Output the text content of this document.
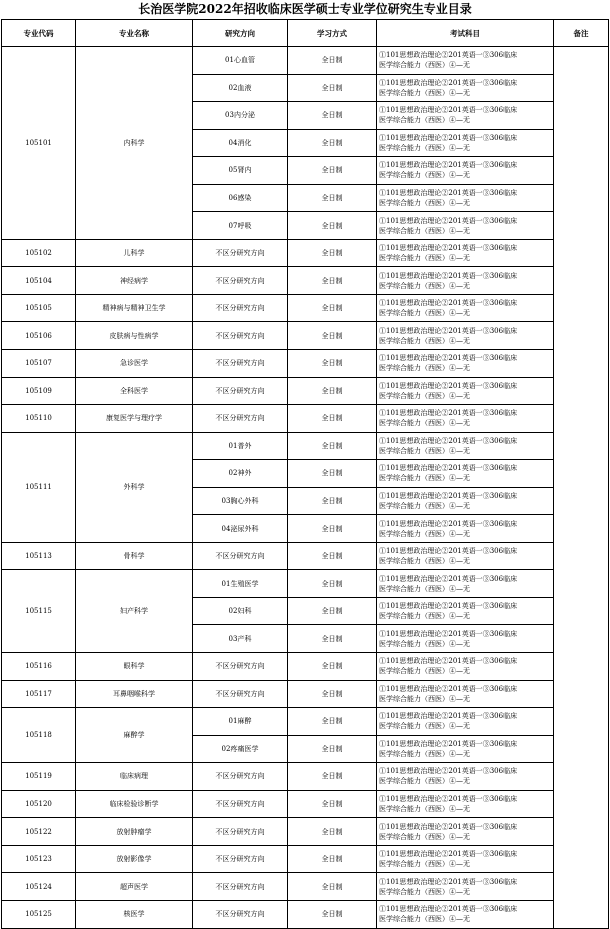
长治医学院2022年招收临床医学硕士专业学位研究生专业目录
专业代码	专业名称	研究方向	学习方式	考试科目	备注
105101	内科学	01心血管	全日制	①101思想政治理论②201英语一③306临床
医学综合能力（西医）④—无	

		02血液	全日制	①101思想政治理论②201英语一③306临床
医学综合能力（西医）④—无	

		03内分泌	全日制	①101思想政治理论②201英语一③306临床
医学综合能力（西医）④—无	

		04消化	全日制	①101思想政治理论②201英语一③306临床
医学综合能力（西医）④—无	

		05肾内	全日制	①101思想政治理论②201英语一③306临床
医学综合能力（西医）④—无	

		06感染	全日制	①101思想政治理论②201英语一③306临床
医学综合能力（西医）④—无	

		07呼吸	全日制	①101思想政治理论②201英语一③306临床
医学综合能力（西医）④—无	

105102	儿科学	不区分研究方向	全日制	①101思想政治理论②201英语一③306临床
医学综合能力（西医）④—无	

105104	神经病学	不区分研究方向	全日制	①101思想政治理论②201英语一③306临床
医学综合能力（西医）④—无	

105105	精神病与精神卫生学	不区分研究方向	全日制	①101思想政治理论②201英语一③306临床
医学综合能力（西医）④—无	

105106	皮肤病与性病学	不区分研究方向	全日制	①101思想政治理论②201英语一③306临床
医学综合能力（西医）④—无	

105107	急诊医学	不区分研究方向	全日制	①101思想政治理论②201英语一③306临床
医学综合能力（西医）④—无	

105109	全科医学	不区分研究方向	全日制	①101思想政治理论②201英语一③306临床
医学综合能力（西医）④—无	

105110	康复医学与理疗学	不区分研究方向	全日制	①101思想政治理论②201英语一③306临床
医学综合能力（西医）④—无	

105111	外科学	01普外	全日制	①101思想政治理论②201英语一③306临床
医学综合能力（西医）④—无	

		02神外	全日制	①101思想政治理论②201英语一③306临床
医学综合能力（西医）④—无	

		03胸心外科	全日制	①101思想政治理论②201英语一③306临床
医学综合能力（西医）④—无	

		04泌尿外科	全日制	①101思想政治理论②201英语一③306临床
医学综合能力（西医）④—无	

105113	骨科学	不区分研究方向	全日制	①101思想政治理论②201英语一③306临床
医学综合能力（西医）④—无	

105115	妇产科学	01生殖医学	全日制	①101思想政治理论②201英语一③306临床
医学综合能力（西医）④—无	

		02妇科	全日制	①101思想政治理论②201英语一③306临床
医学综合能力（西医）④—无	

		03产科	全日制	①101思想政治理论②201英语一③306临床
医学综合能力（西医）④—无	

105116	眼科学	不区分研究方向	全日制	①101思想政治理论②201英语一③306临床
医学综合能力（西医）④—无	

105117	耳鼻咽喉科学	不区分研究方向	全日制	①101思想政治理论②201英语一③306临床
医学综合能力（西医）④—无	

105118	麻醉学	01麻醉	全日制	①101思想政治理论②201英语一③306临床
医学综合能力（西医）④—无	

		02疼痛医学	全日制	①101思想政治理论②201英语一③306临床
医学综合能力（西医）④—无	

105119	临床病理	不区分研究方向	全日制	①101思想政治理论②201英语一③306临床
医学综合能力（西医）④—无	

105120	临床检验诊断学	不区分研究方向	全日制	①101思想政治理论②201英语一③306临床
医学综合能力（西医）④—无	

105122	放射肿瘤学	不区分研究方向	全日制	①101思想政治理论②201英语一③306临床
医学综合能力（西医）④—无	

105123	放射影像学	不区分研究方向	全日制	①101思想政治理论②201英语一③306临床
医学综合能力（西医）④—无	

105124	超声医学	不区分研究方向	全日制	①101思想政治理论②201英语一③306临床
医学综合能力（西医）④—无	

105125	核医学	不区分研究方向	全日制	①101思想政治理论②201英语一③306临床
医学综合能力（西医）④—无	
